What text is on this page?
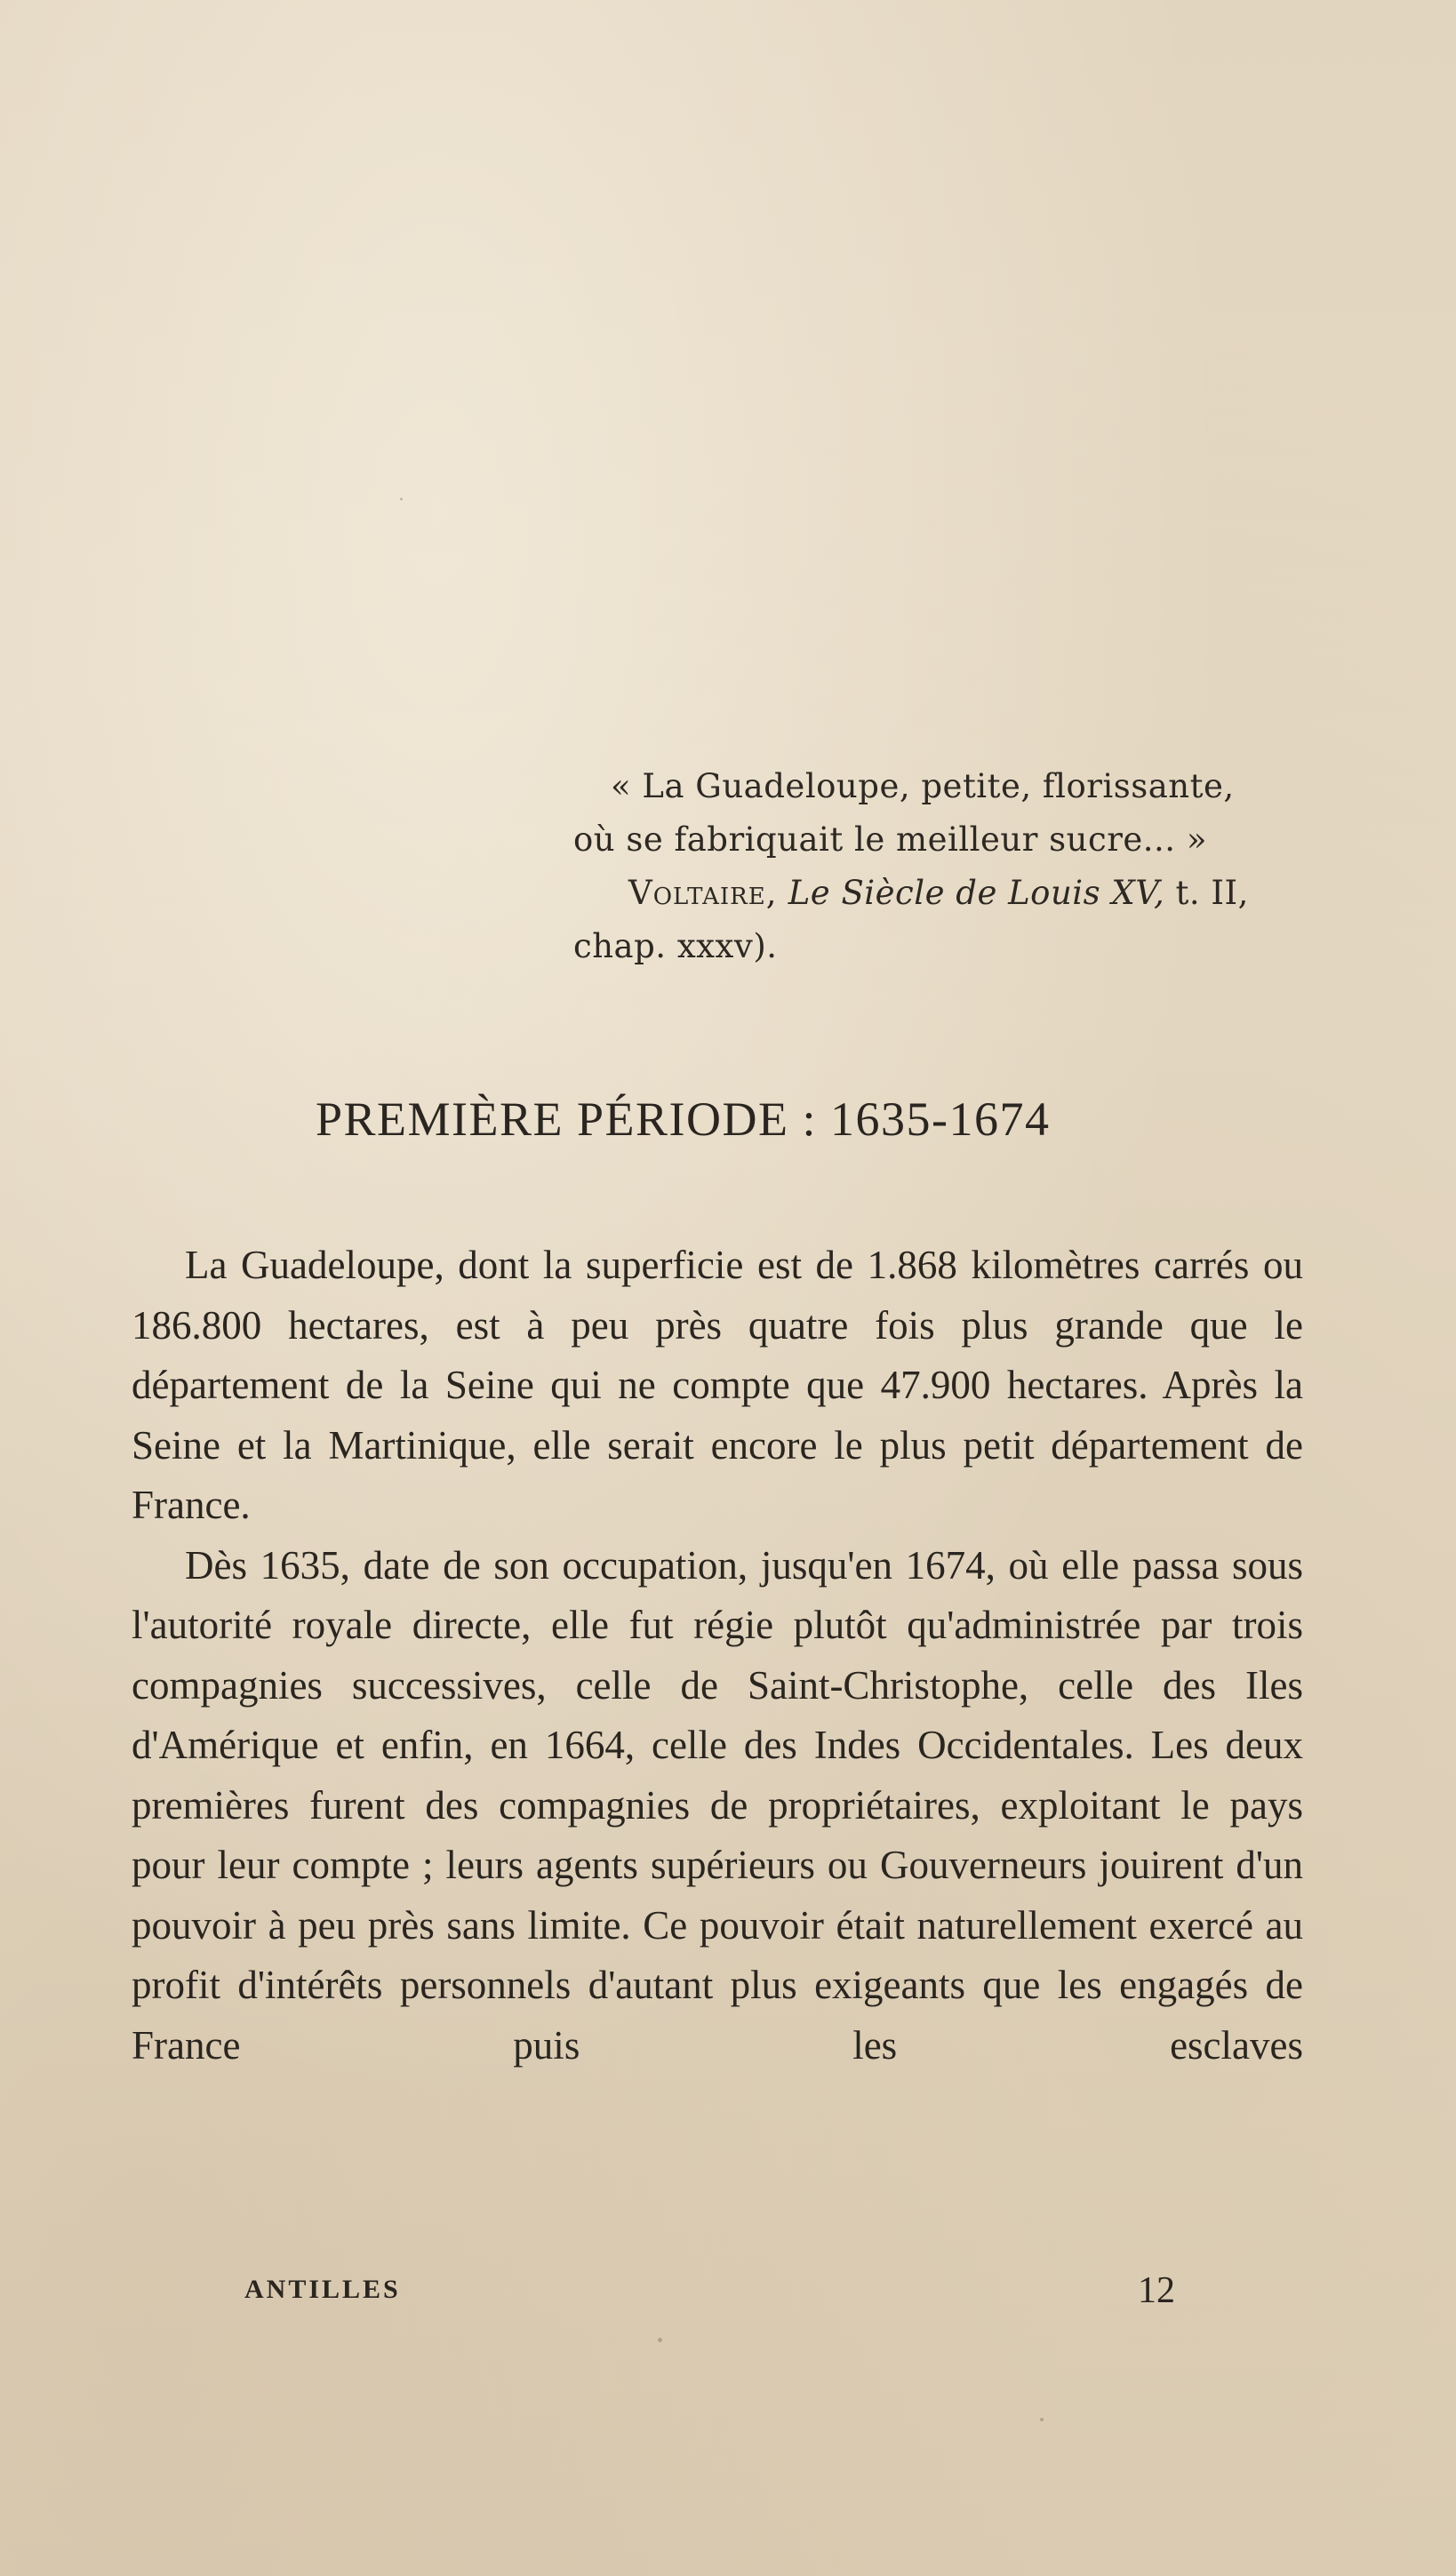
« La Guadeloupe, petite, florissante,
où se fabriquait le meilleur sucre... »
Voltaire, Le Siècle de Louis XV, t. II,
chap. xxxv).
PREMIÈRE PÉRIODE : 1635-1674

La Guadeloupe, dont la superficie est de 1.868 kilomètres carrés ou 186.800 hectares, est à peu près quatre fois plus grande que le département de la Seine qui ne compte que 47.900 hectares. Après la Seine et la Martinique, elle serait encore le plus petit département de France.

Dès 1635, date de son occupation, jusqu'en 1674, où elle passa sous l'autorité royale directe, elle fut régie plutôt qu'administrée par trois compagnies successives, celle de Saint-Christophe, celle des Iles d'Amérique et enfin, en 1664, celle des Indes Occidentales. Les deux premières furent des compagnies de propriétaires, exploitant le pays pour leur compte ; leurs agents supérieurs ou Gouverneurs jouirent d'un pouvoir à peu près sans limite. Ce pouvoir était naturellement exercé au profit d'intérêts personnels d'autant plus exigeants que les engagés de France puis les esclaves

ANTILLES	12
